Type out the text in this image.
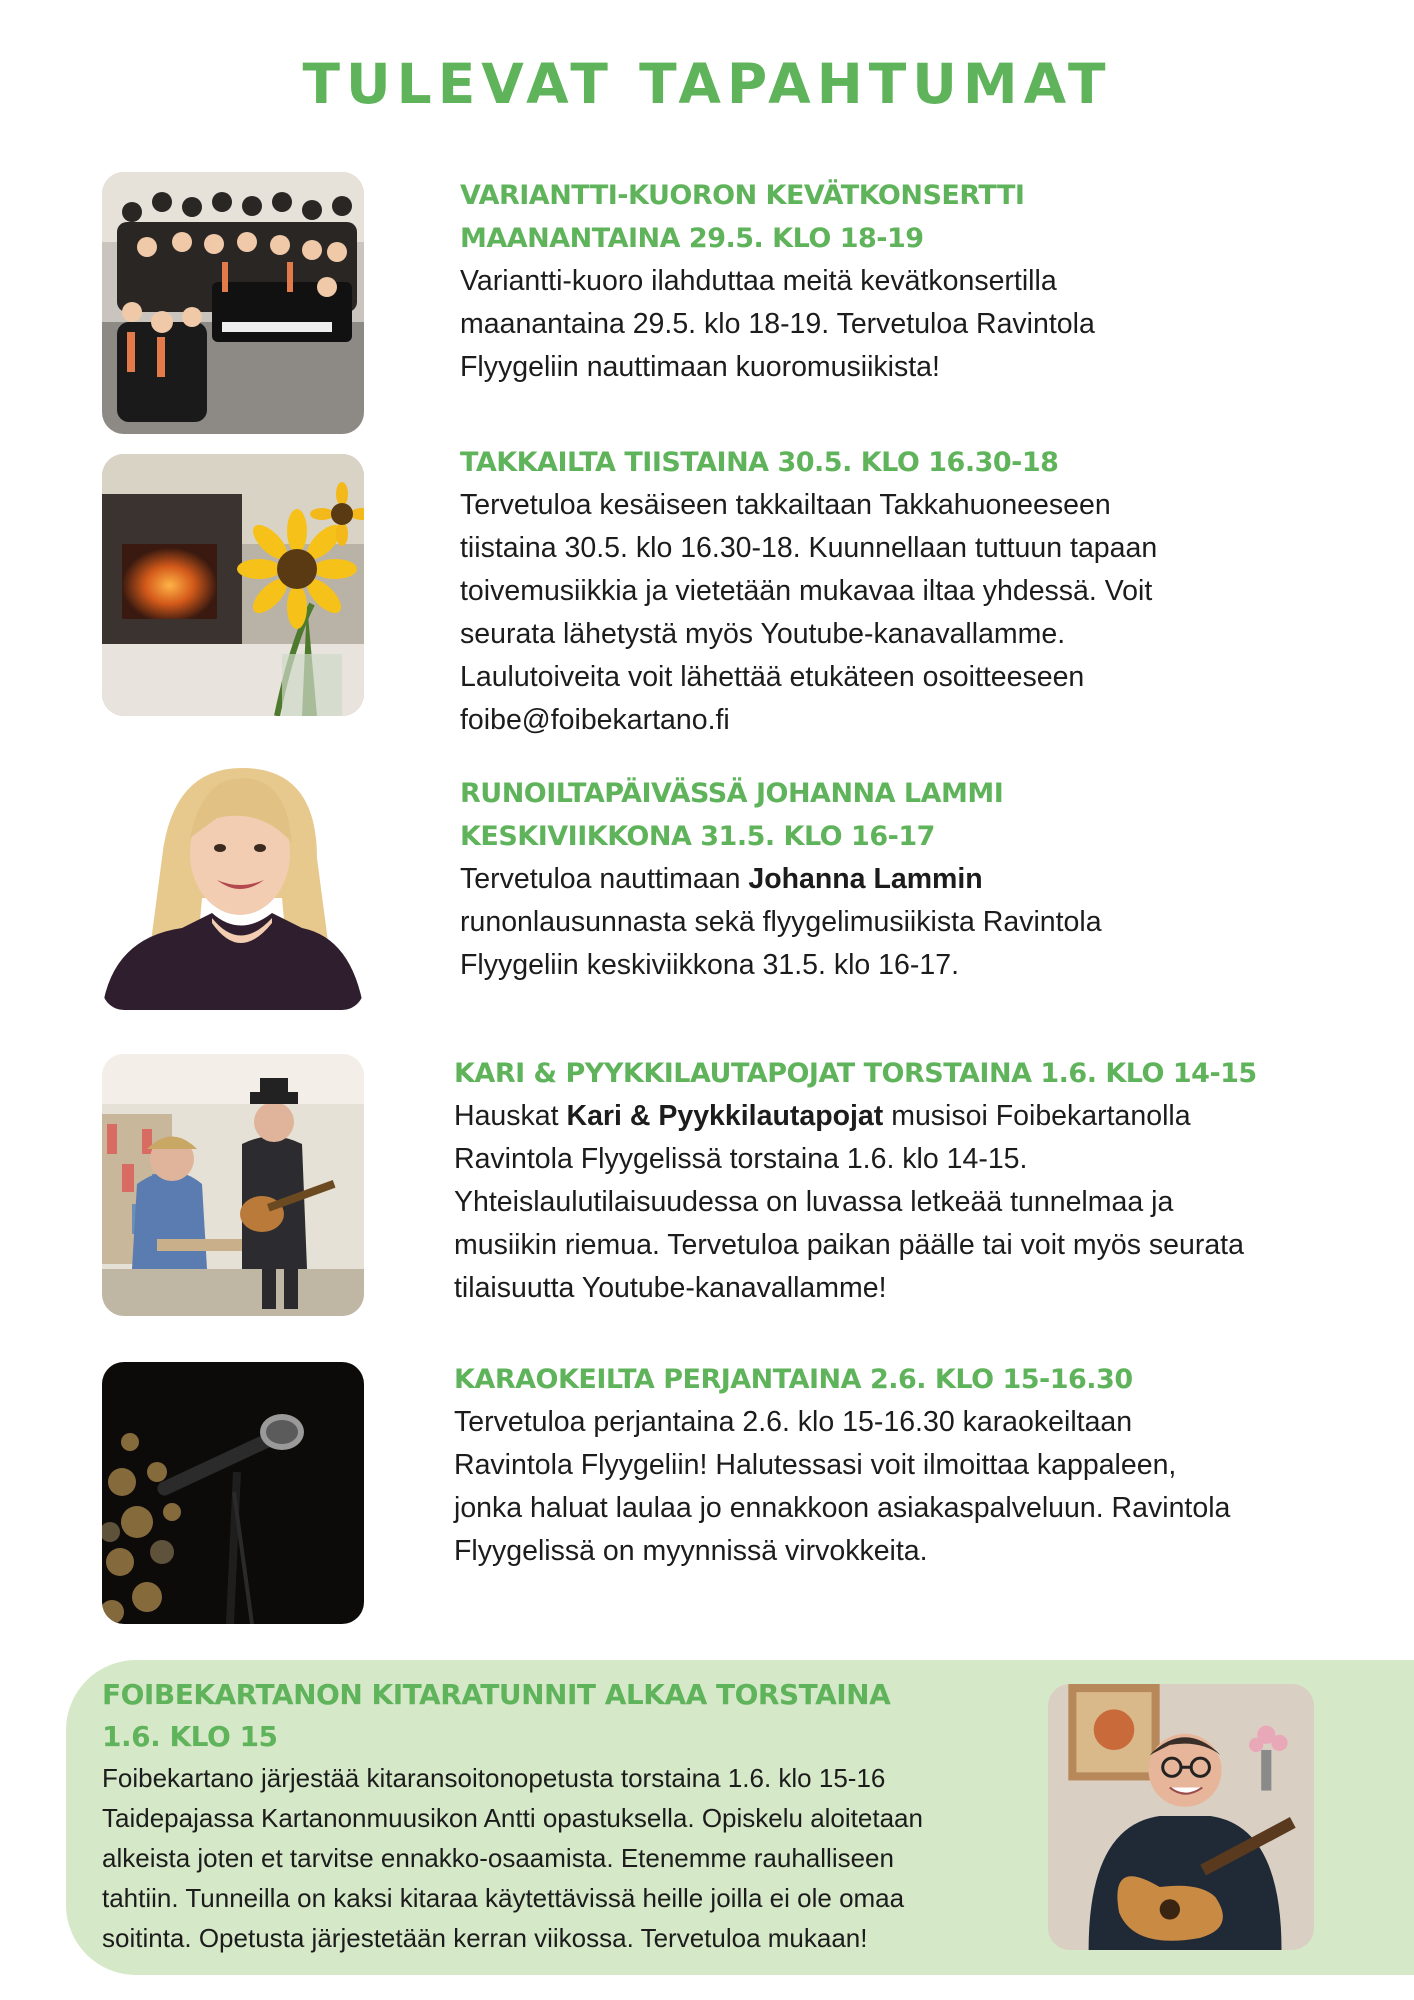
TULEVAT TAPAHTUMAT
VARIANTTI-KUORON KEVÄTKONSERTTI
MAANANTAINA 29.5. KLO 18-19
Variantti-kuoro ilahduttaa meitä kevätkonsertilla
maanantaina 29.5. klo 18-19. Tervetuloa Ravintola
Flyygeliin nauttimaan kuoromusiikista!
TAKKAILTA TIISTAINA 30.5. KLO 16.30-18
Tervetuloa kesäiseen takkailtaan Takkahuoneeseen
tiistaina 30.5. klo 16.30-18. Kuunnellaan tuttuun tapaan
toivemusiikkia ja vietetään mukavaa iltaa yhdessä. Voit
seurata lähetystä myös Youtube-kanavallamme.
Laulutoiveita voit lähettää etukäteen osoitteeseen
foibe@foibekartano.fi
RUNOILTAPÄIVÄSSÄ JOHANNA LAMMI
KESKIVIIKKONA 31.5. KLO 16-17
Tervetuloa nauttimaan Johanna Lammin
runonlausunnasta sekä flyygelimusiikista Ravintola
Flyygeliin keskiviikkona 31.5. klo 16-17.
KARI & PYYKKILAUTAPOJAT TORSTAINA 1.6. KLO 14-15
Hauskat Kari & Pyykkilautapojat musisoi Foibekartanolla
Ravintola Flyygelissä torstaina 1.6. klo 14-15.
Yhteislaulutilaisuudessa on luvassa letkeää tunnelmaa ja
musiikin riemua. Tervetuloa paikan päälle tai voit myös seurata
tilaisuutta Youtube-kanavallamme!
KARAOKEILTA PERJANTAINA 2.6. KLO 15-16.30
Tervetuloa perjantaina 2.6. klo 15-16.30 karaokeiltaan
Ravintola Flyygeliin! Halutessasi voit ilmoittaa kappaleen,
jonka haluat laulaa jo ennakkoon asiakaspalveluun. Ravintola
Flyygelissä on myynnissä virvokkeita.
FOIBEKARTANON KITARATUNNIT ALKAA TORSTAINA
1.6. KLO 15
Foibekartano järjestää kitaransoitonopetusta torstaina 1.6. klo 15-16
Taidepajassa Kartanonmuusikon Antti opastuksella. Opiskelu aloitetaan
alkeista joten et tarvitse ennakko-osaamista. Etenemme rauhalliseen
tahtiin. Tunneilla on kaksi kitaraa käytettävissä heille joilla ei ole omaa
soitinta. Opetusta järjestetään kerran viikossa. Tervetuloa mukaan!
